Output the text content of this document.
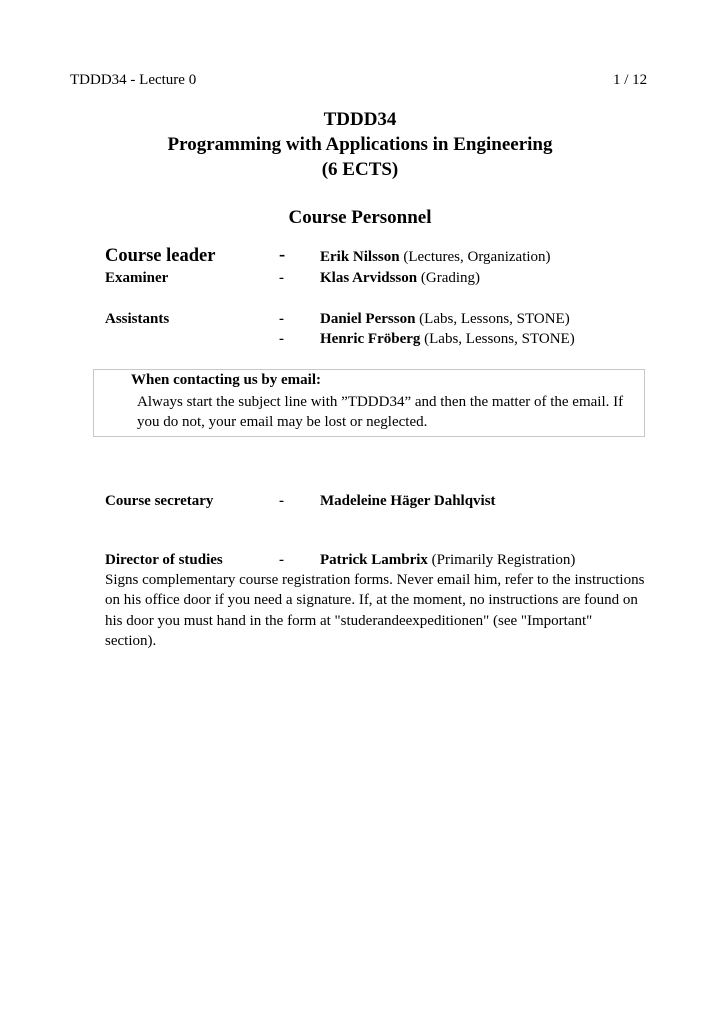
TDDD34 - Lecture 0	1 / 12
TDDD34
Programming with Applications in Engineering
(6 ECTS)
Course Personnel
Course leader	- Erik Nilsson (Lectures, Organization)
Examiner	- Klas Arvidsson (Grading)
Assistants	- Daniel Persson (Labs, Lessons, STONE)
- Henric Fröberg (Labs, Lessons, STONE)
When contacting us by email:
Always start the subject line with ”TDDD34” and then the matter of the email. If you do not, your email may be lost or neglected.
Course secretary	- Madeleine Häger Dahlqvist
Director of studies	- Patrick Lambrix (Primarily Registration)
Signs complementary course registration forms. Never email him, refer to the instructions on his office door if you need a signature. If, at the moment, no instructions are found on his door you must hand in the form at "studerandeexpeditionen" (see "Important" section).
